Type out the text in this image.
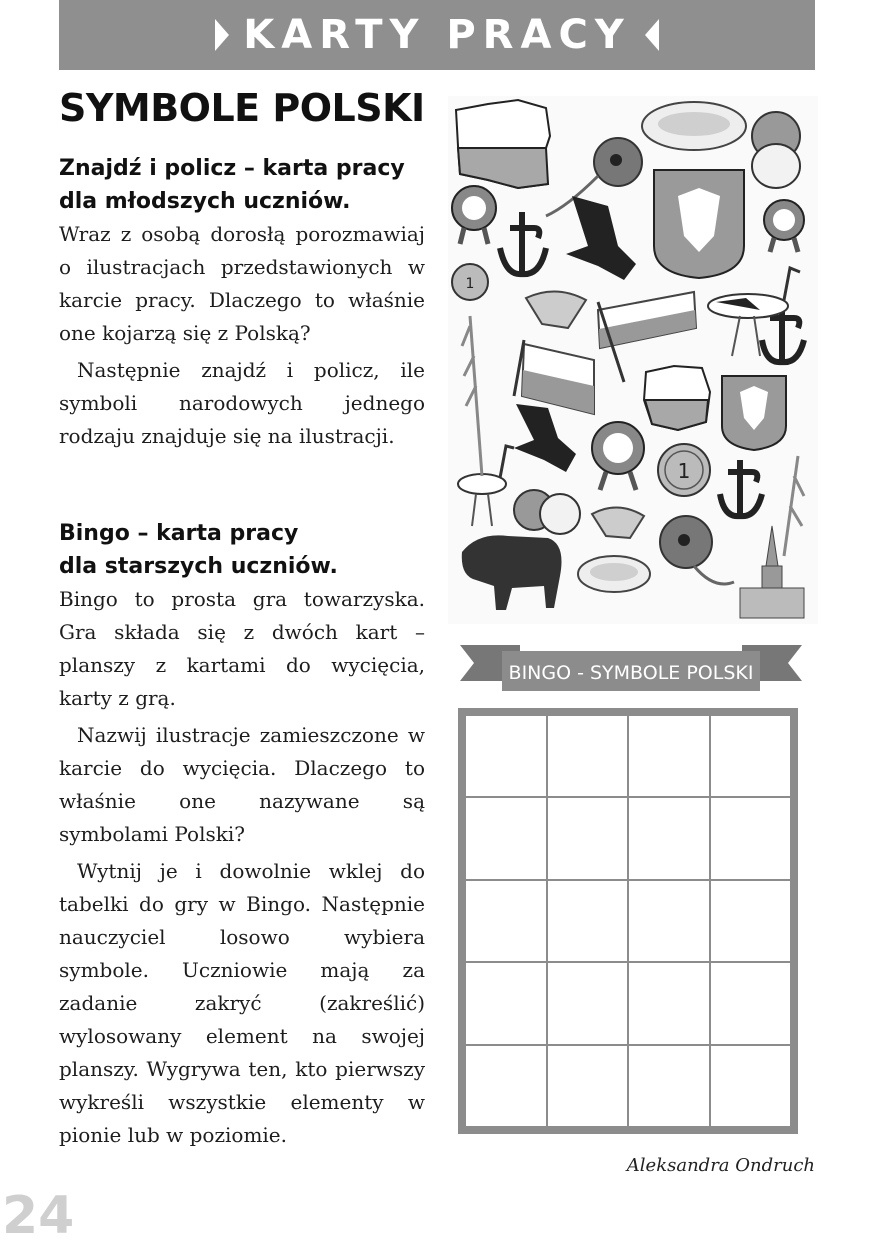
KARTY PRACY
SYMBOLE POLSKI

Znajdź i policz – karta pracy

dla młodszych uczniów.

Wraz z osobą dorosłą porozmawiaj o ilustracjach przedstawionych w karcie pracy. Dlaczego to właśnie one kojarzą się z Polską?

Następnie znajdź i policz, ile symboli narodowych jednego rodzaju znajduje się na ilustracji.

Bingo – karta pracy

dla starszych uczniów.

Bingo to prosta gra towarzyska. Gra składa się z dwóch kart – planszy z kartami do wycięcia, karty z grą.

Nazwij ilustracje zamieszczone w karcie do wycięcia. Dlaczego to właśnie one nazywane są symbolami Polski?

Wytnij je i dowolnie wklej do tabelki do gry w Bingo. Następnie nauczyciel losowo wybiera symbole. Uczniowie mają za zadanie zakryć (zakreślić) wylosowany element na swojej planszy. Wygrywa ten, kto pierwszy wykreśli wszystkie elementy w pionie lub w poziomie.

1
1
BINGO - SYMBOLE POLSKI
Aleksandra Ondruch
24
